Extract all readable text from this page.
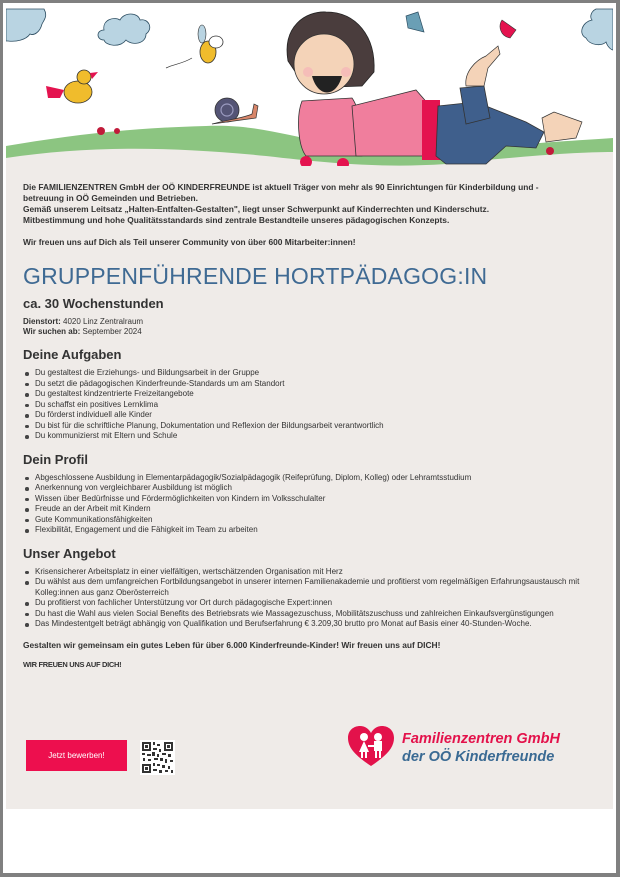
Die FAMILIENZENTREN GmbH der OÖ KINDERFREUNDE ist aktuell Träger von mehr als 90 Einrichtungen für Kinderbildung und -

betreuung in OÖ Gemeinden und Betrieben.

Gemäß unserem Leitsatz „Halten-Entfalten-Gestalten", liegt unser Schwerpunkt auf Kinderrechten und Kinderschutz.

Mitbestimmung und hohe Qualitätsstandards sind zentrale Bestandteile unseres pädagogischen Konzepts.

Wir freuen uns auf Dich als Teil unserer Community von über 600 Mitarbeiter:innen!

GRUPPENFÜHRENDE HORTPÄDAGOG:IN
ca. 30 Wochenstunden
Dienstort: 4020 Linz Zentralraum
Wir suchen ab: September 2024
Deine Aufgaben
Du gestaltest die Erziehungs- und Bildungsarbeit in der Gruppe
Du setzt die pädagogischen Kinderfreunde-Standards um am Standort
Du gestaltest kindzentrierte Freizeitangebote
Du schaffst ein positives Lernklima
Du förderst individuell alle Kinder
Du bist für die schriftliche Planung, Dokumentation und Reflexion der Bildungsarbeit verantwortlich
Du kommunizierst mit Eltern und Schule
Dein Profil
Abgeschlossene Ausbildung in Elementarpädagogik/Sozialpädagogik (Reifeprüfung, Diplom, Kolleg) oder Lehramtsstudium
Anerkennung von vergleichbarer Ausbildung ist möglich
Wissen über Bedürfnisse und Fördermöglichkeiten von Kindern im Volksschulalter
Freude an der Arbeit mit Kindern
Gute Kommunikationsfähigkeiten
Flexibilität, Engagement und die Fähigkeit im Team zu arbeiten
Unser Angebot
Krisensicherer Arbeitsplatz in einer vielfältigen, wertschätzenden Organisation mit Herz
Du wählst aus dem umfangreichen Fortbildungsangebot in unserer internen Familienakademie und profitierst vom regelmäßigen Erfahrungsaustausch mit Kolleg:innen aus ganz Oberösterreich
Du profitierst von fachlicher Unterstützung vor Ort durch pädagogische Expert:innen
Du hast die Wahl aus vielen Social Benefits des Betriebsrats wie Massagezuschuss, Mobilitätszuschuss und zahlreichen Einkaufsvergünstigungen
Das Mindestentgelt beträgt abhängig von Qualifikation und Berufserfahrung € 3.209,30 brutto pro Monat auf Basis einer 40-Stunden-Woche.
Gestalten wir gemeinsam ein gutes Leben für über 6.000 Kinderfreunde-Kinder! Wir freuen uns auf DICH!
WIR FREUEN UNS AUF DICH!
Jetzt bewerben!
Familienzentren GmbH
der OÖ Kinderfreunde
